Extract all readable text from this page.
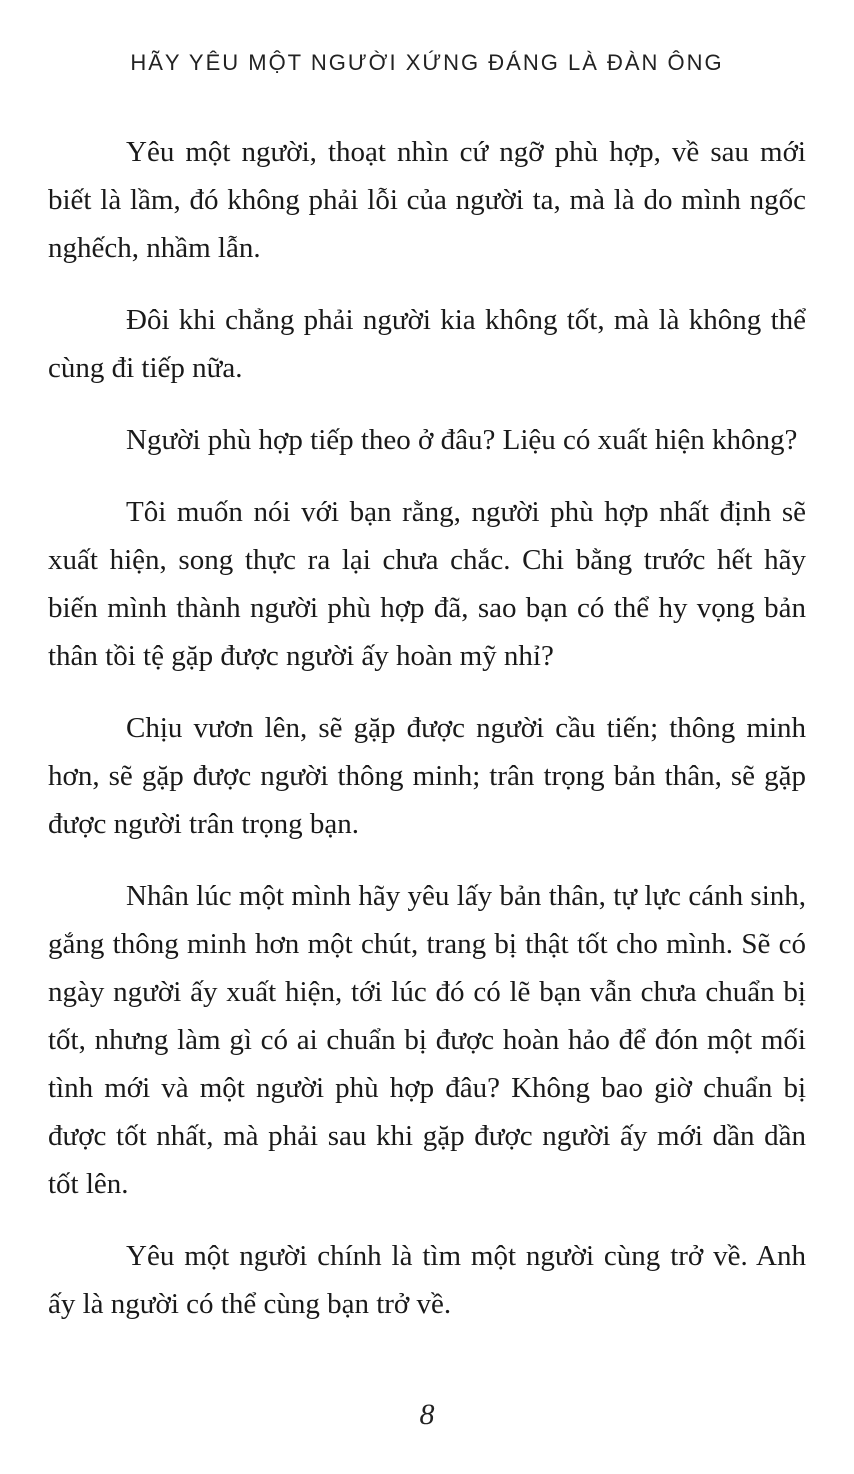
HÃY YÊU MỘT NGƯỜI XỨNG ĐÁNG LÀ ĐÀN ÔNG

Yêu một người, thoạt nhìn cứ ngỡ phù hợp, về sau mới biết là lầm, đó không phải lỗi của người ta, mà là do mình ngốc nghếch, nhầm lẫn.

Đôi khi chẳng phải người kia không tốt, mà là không thể cùng đi tiếp nữa.

Người phù hợp tiếp theo ở đâu? Liệu có xuất hiện không?

Tôi muốn nói với bạn rằng, người phù hợp nhất định sẽ xuất hiện, song thực ra lại chưa chắc. Chi bằng trước hết hãy biến mình thành người phù hợp đã, sao bạn có thể hy vọng bản thân tồi tệ gặp được người ấy hoàn mỹ nhỉ?

Chịu vươn lên, sẽ gặp được người cầu tiến; thông minh hơn, sẽ gặp được người thông minh; trân trọng bản thân, sẽ gặp được người trân trọng bạn.

Nhân lúc một mình hãy yêu lấy bản thân, tự lực cánh sinh, gắng thông minh hơn một chút, trang bị thật tốt cho mình. Sẽ có ngày người ấy xuất hiện, tới lúc đó có lẽ bạn vẫn chưa chuẩn bị tốt, nhưng làm gì có ai chuẩn bị được hoàn hảo để đón một mối tình mới và một người phù hợp đâu? Không bao giờ chuẩn bị được tốt nhất, mà phải sau khi gặp được người ấy mới dần dần tốt lên.

Yêu một người chính là tìm một người cùng trở về. Anh ấy là người có thể cùng bạn trở về.

8
